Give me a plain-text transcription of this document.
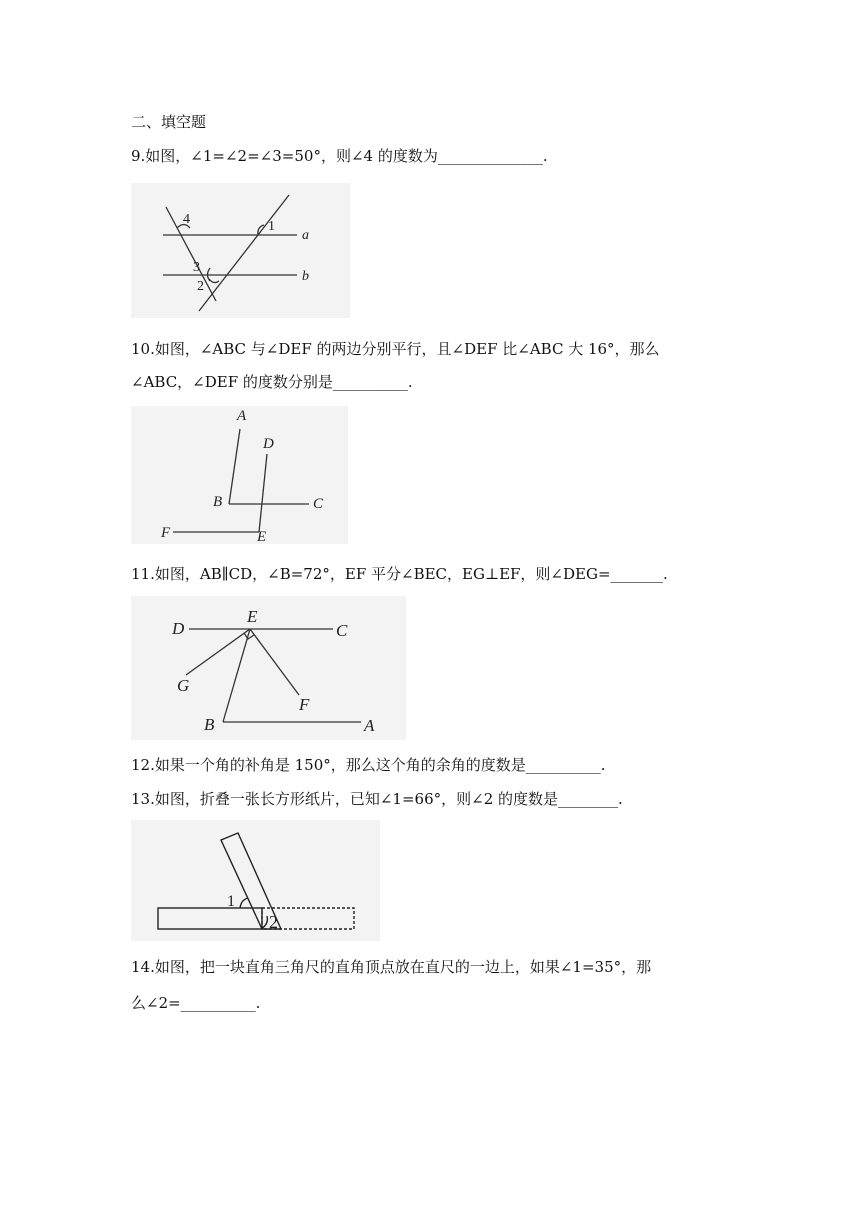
二、填空题
9.如图，∠1=∠2=∠3=50°，则∠4 的度数为______________.
4	1
a
3
b
2
10.如图，∠ABC 与∠DEF 的两边分别平行，且∠DEF 比∠ABC 大 16°，那么
∠ABC，∠DEF 的度数分别是__________.
A
D
B	C
F	E
11.如图，AB∥CD，∠B=72°，EF 平分∠BEC，EG⊥EF，则∠DEG=_______.
D
E
C
G
F
B	A
12.如果一个角的补角是 150°，那么这个角的余角的度数是__________.
13.如图，折叠一张长方形纸片，已知∠1=66°，则∠2 的度数是________.
1
2
14.如图，把一块直角三角尺的直角顶点放在直尺的一边上，如果∠1=35°，那
么∠2=__________.
